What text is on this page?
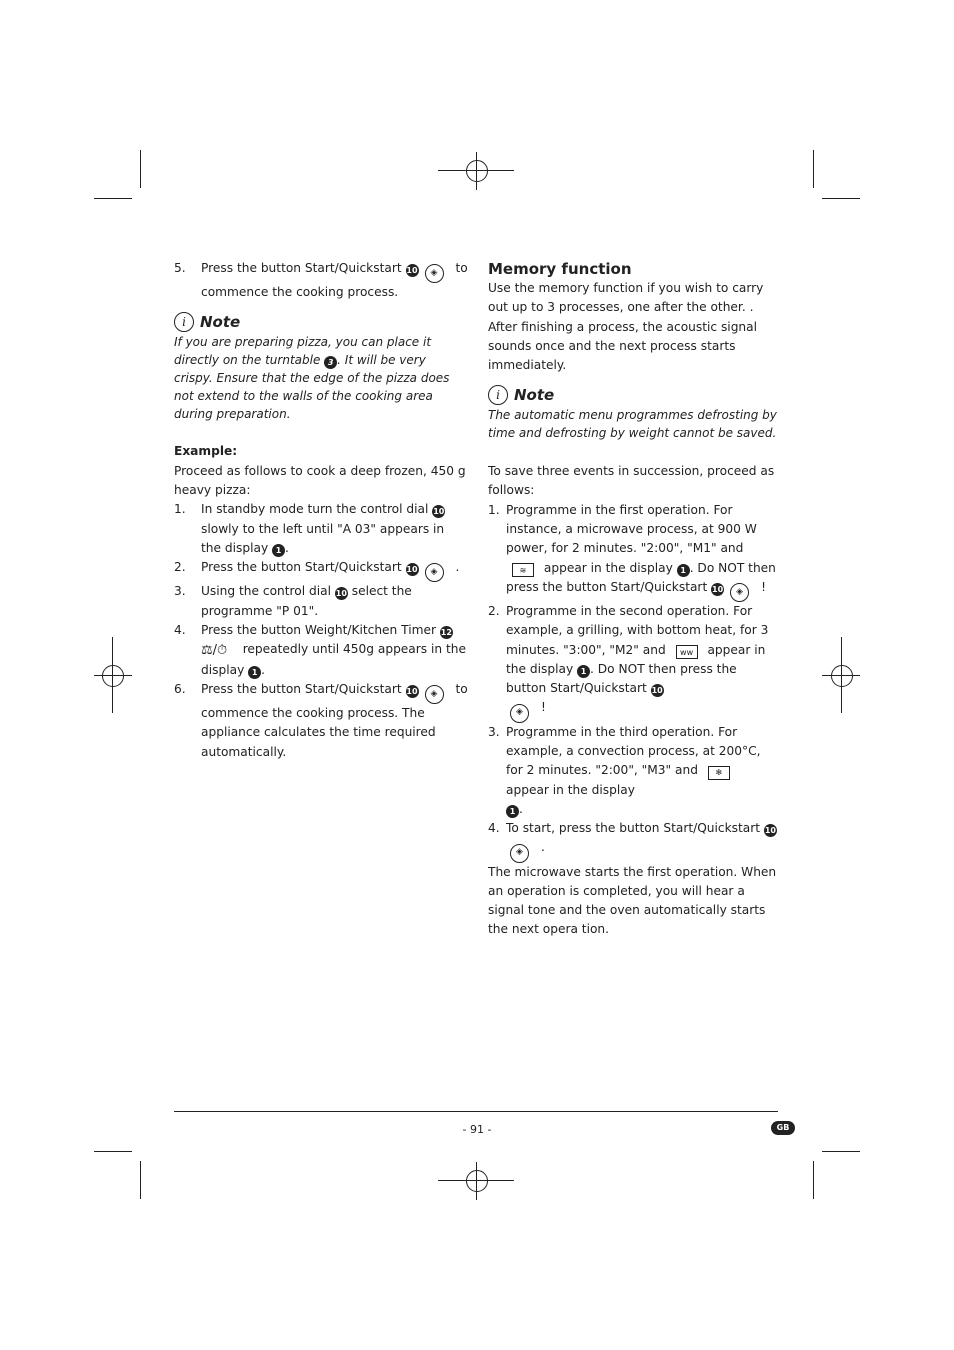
5. Press the button Start/Quickstart 10 ◈ to commence the cooking process.
i Note

If you are preparing pizza, you can place it directly on the turntable 3 . It will be very crispy. Ensure that the edge of the pizza does not extend to the walls of the cooking area during preparation.

Example:

Proceed as follows to cook a deep frozen, 450 g heavy pizza:

1. In standby mode turn the control dial 10 slowly to the left until "A 03" appears in the display 1 .
2. Press the button Start/Quickstart 10 ◈ .
3. Using the control dial 10 select the programme "P 01".
4. Press the button Weight/Kitchen Timer 12
⚖/⏱ repeatedly until 450g appears in the display 1 .
6. Press the button Start/Quickstart 10 ◈ to commence the cooking process. The appliance calculates the time required automatically.

Memory function

Use the memory function if you wish to carry out up to 3 processes, one after the other. .

After finishing a process, the acoustic signal sounds once and the next process starts immediately.

i Note

The automatic menu programmes defrosting by time and defrosting by weight cannot be saved.

To save three events in succession, proceed as follows:

1. Programme in the first operation. For instance, a microwave process, at 900 W power, for 2 minutes. "2:00", "M1" and ≋ appear in the display 1 . Do NOT then press the button Start/Quickstart 10 ◈ !
2. Programme in the second operation. For example, a grilling, with bottom heat, for 3 minutes. "3:00", "M2" and ᴡᴡ appear in the display 1 . Do NOT then press the button Start/Quickstart 10
◈ !
3. Programme in the third operation. For example, a convection process, at 200°C, for 2 minutes. "2:00", "M3" and ✻ appear in the display
1 .
4. To start, press the button Start/Quickstart 10
◈ .

The microwave starts the first operation. When an operation is completed, you will hear a signal tone and the oven automatically starts the next opera tion.

- 91 -	GB
